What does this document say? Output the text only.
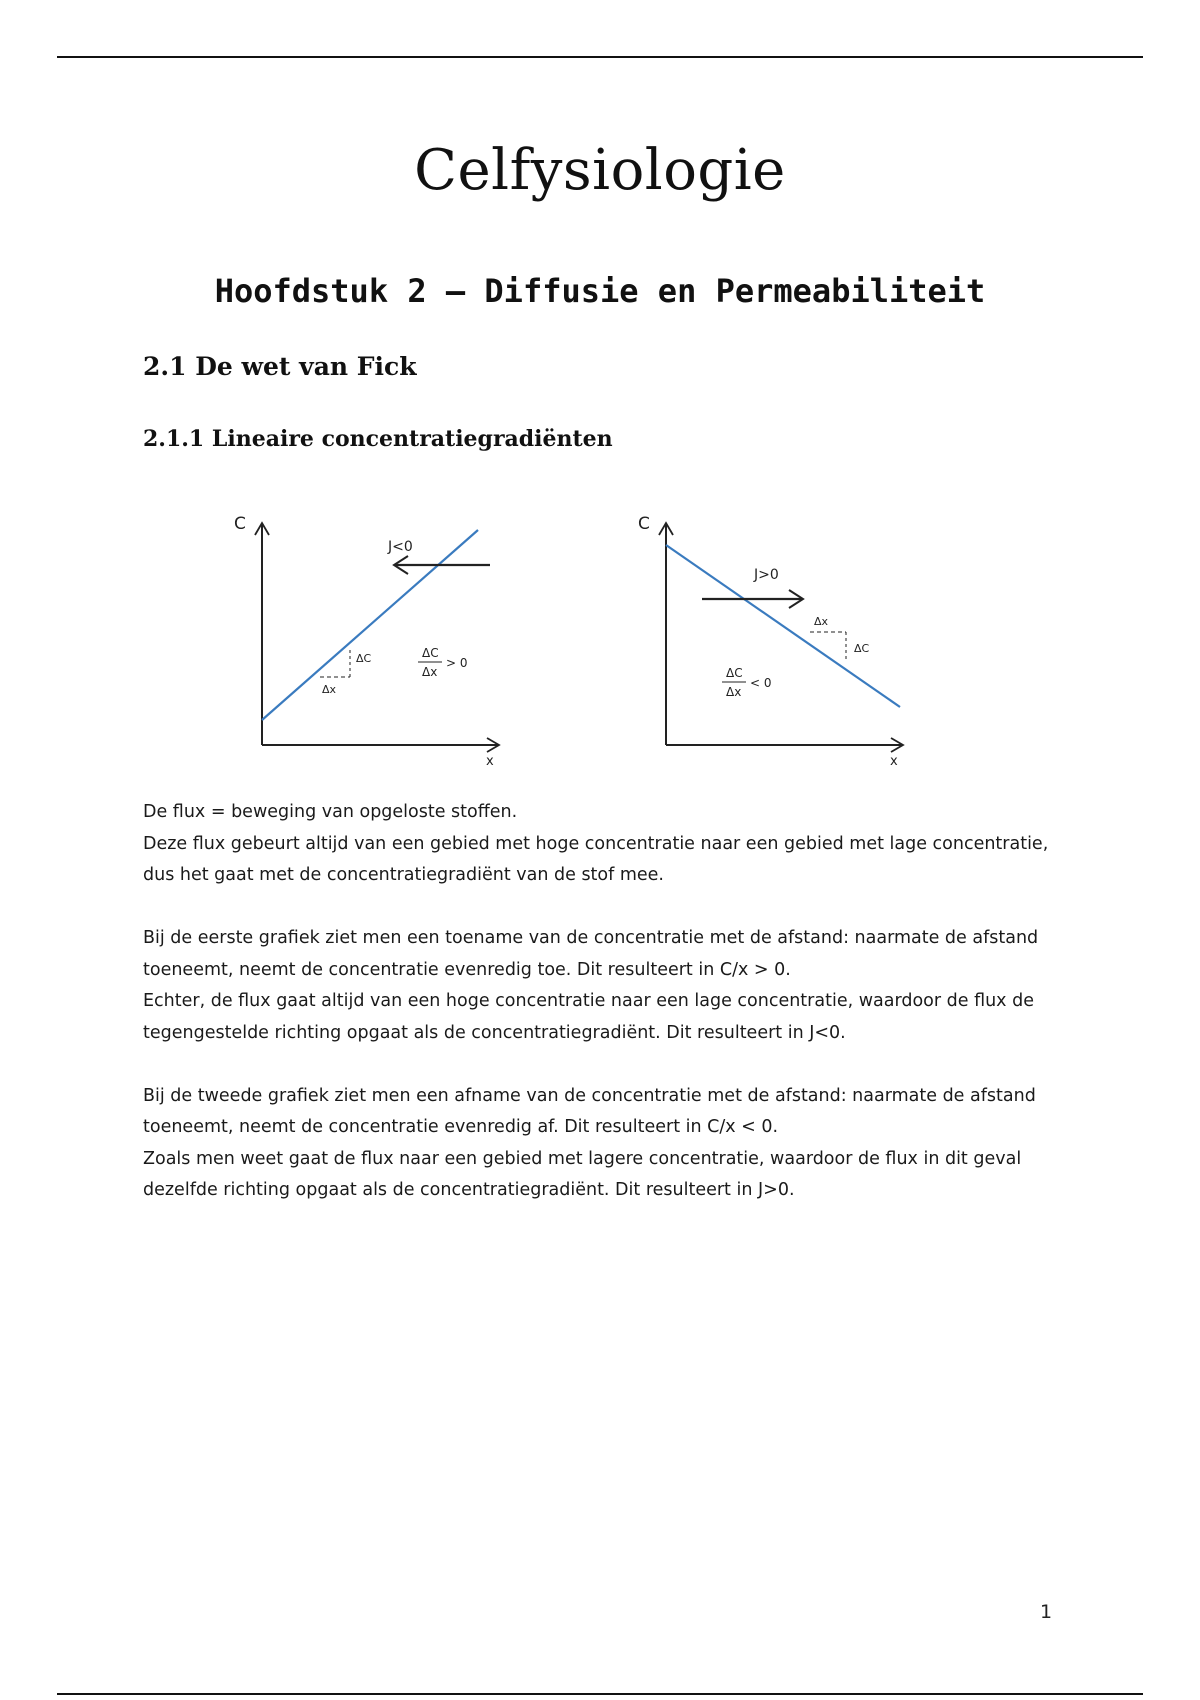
Celfysiologie
Hoofdstuk 2 – Diffusie en Permeabiliteit
2.1 De wet van Fick
2.1.1 Lineaire concentratiegradiënten
C
x
J<0
ΔC
Δx
ΔC
Δx
> 0
C
x
J>0
Δx
ΔC
ΔC
Δx
< 0

De flux = beweging van opgeloste stoffen.
Deze flux gebeurt altijd van een gebied met hoge concentratie naar een gebied met lage concentratie,
dus het gaat met de concentratiegradiënt van de stof mee.

Bij de eerste grafiek ziet men een toename van de concentratie met de afstand: naarmate de afstand
toeneemt, neemt de concentratie evenredig toe. Dit resulteert in C/x > 0.
Echter, de flux gaat altijd van een hoge concentratie naar een lage concentratie, waardoor de flux de
tegengestelde richting opgaat als de concentratiegradiënt. Dit resulteert in J<0.

Bij de tweede grafiek ziet men een afname van de concentratie met de afstand: naarmate de afstand
toeneemt, neemt de concentratie evenredig af. Dit resulteert in C/x < 0.
Zoals men weet gaat de flux naar een gebied met lagere concentratie, waardoor de flux in dit geval
dezelfde richting opgaat als de concentratiegradiënt. Dit resulteert in J>0.

1
